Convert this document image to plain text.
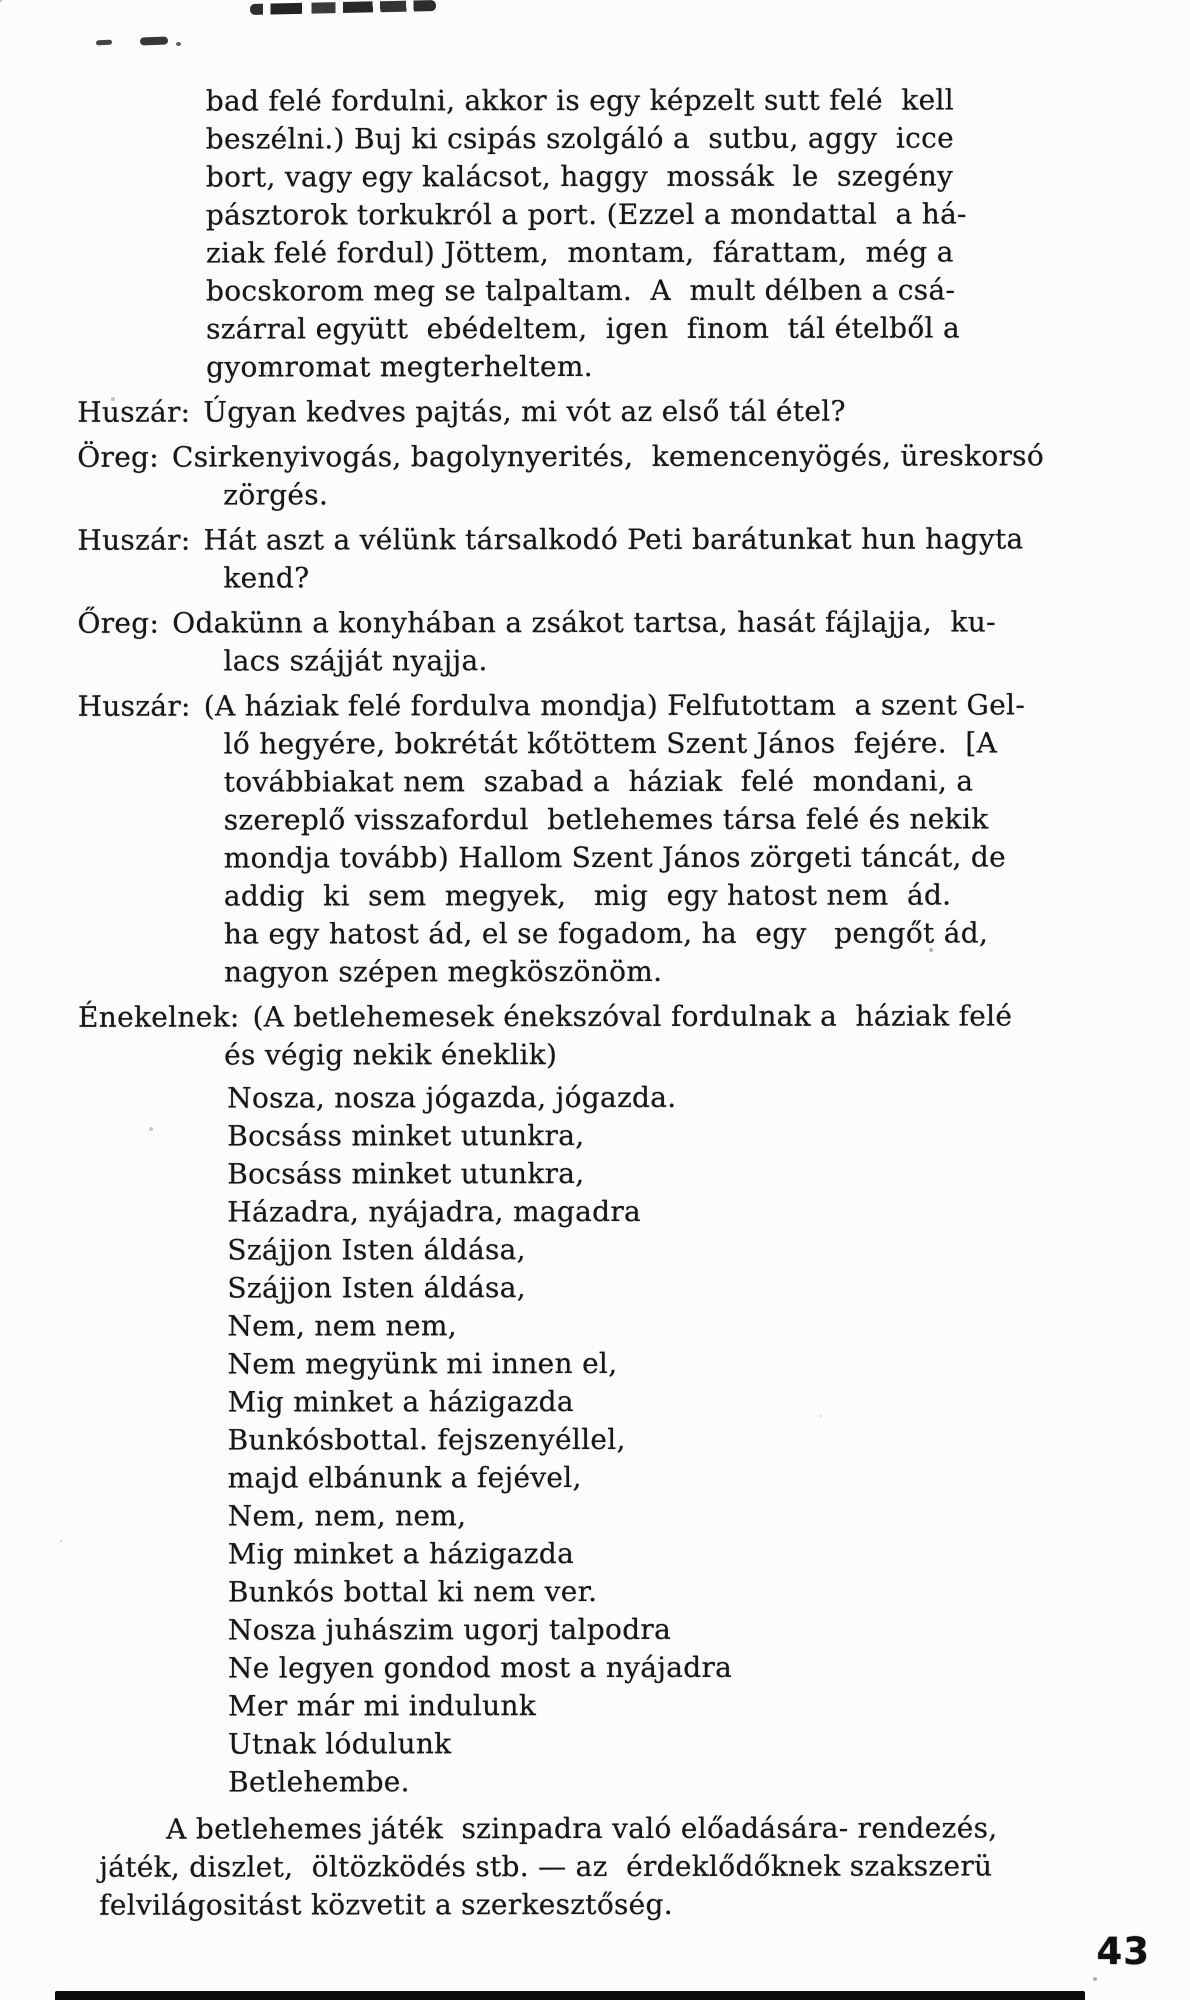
bad felé fordulni, akkor is egy képzelt sutt felé  kell
beszélni.) Buj ki csipás szolgáló a  sutbu, aggy  icce
bort, vagy egy kalácsot, haggy  mossák  le  szegény
pásztorok torkukról a port. (Ezzel a mondattal  a há-
ziak felé fordul) Jöttem,  montam,  fárattam,  még a
bocskorom meg se talpaltam.  A  mult délben a csá-
szárral együtt  ebédeltem,  igen  finom  tál ételből a
gyomromat megterheltem.
Huszár: Úgyan kedves pajtás, mi vót az első tál étel?
Öreg: Csirkenyivogás, bagolynyerités,  kemencenyögés, üreskorsó
zörgés.
Huszár: Hát aszt a vélünk társalkodó Peti barátunkat hun hagyta
kend?
Őreg: Odakünn a konyhában a zsákot tartsa, hasát fájlajja,  ku-
lacs szájját nyajja.
Huszár: (A háziak felé fordulva mondja) Felfutottam  a szent Gel-
lő hegyére, bokrétát kőtöttem Szent János  fejére.  [A
továbbiakat nem  szabad a  háziak  felé  mondani, a
szereplő visszafordul  betlehemes társa felé és nekik
mondja tovább) Hallom Szent János zörgeti táncát, de
addig  ki  sem  megyek,   mig  egy hatost nem  ád.
ha egy hatost ád, el se fogadom, ha  egy   pengőt ád,
nagyon szépen megköszönöm.
Énekelnek: (A betlehemesek énekszóval fordulnak a  háziak felé
és végig nekik éneklik)
Nosza, nosza jógazda, jógazda.
Bocsáss minket utunkra,
Bocsáss minket utunkra,
Házadra, nyájadra, magadra
Szájjon Isten áldása,
Szájjon Isten áldása,
Nem, nem nem,
Nem megyünk mi innen el,
Mig minket a házigazda
Bunkósbottal. fejszenyéllel,
majd elbánunk a fejével,
Nem, nem, nem,
Mig minket a házigazda
Bunkós bottal ki nem ver.
Nosza juhászim ugorj talpodra
Ne legyen gondod most a nyájadra
Mer már mi indulunk
Utnak lódulunk
Betlehembe.
A betlehemes játék  szinpadra való előadására- rendezés,
játék, diszlet,  öltözködés stb. — az  érdeklődőknek szakszerü
felvilágositást közvetit a szerkesztőség.
43
